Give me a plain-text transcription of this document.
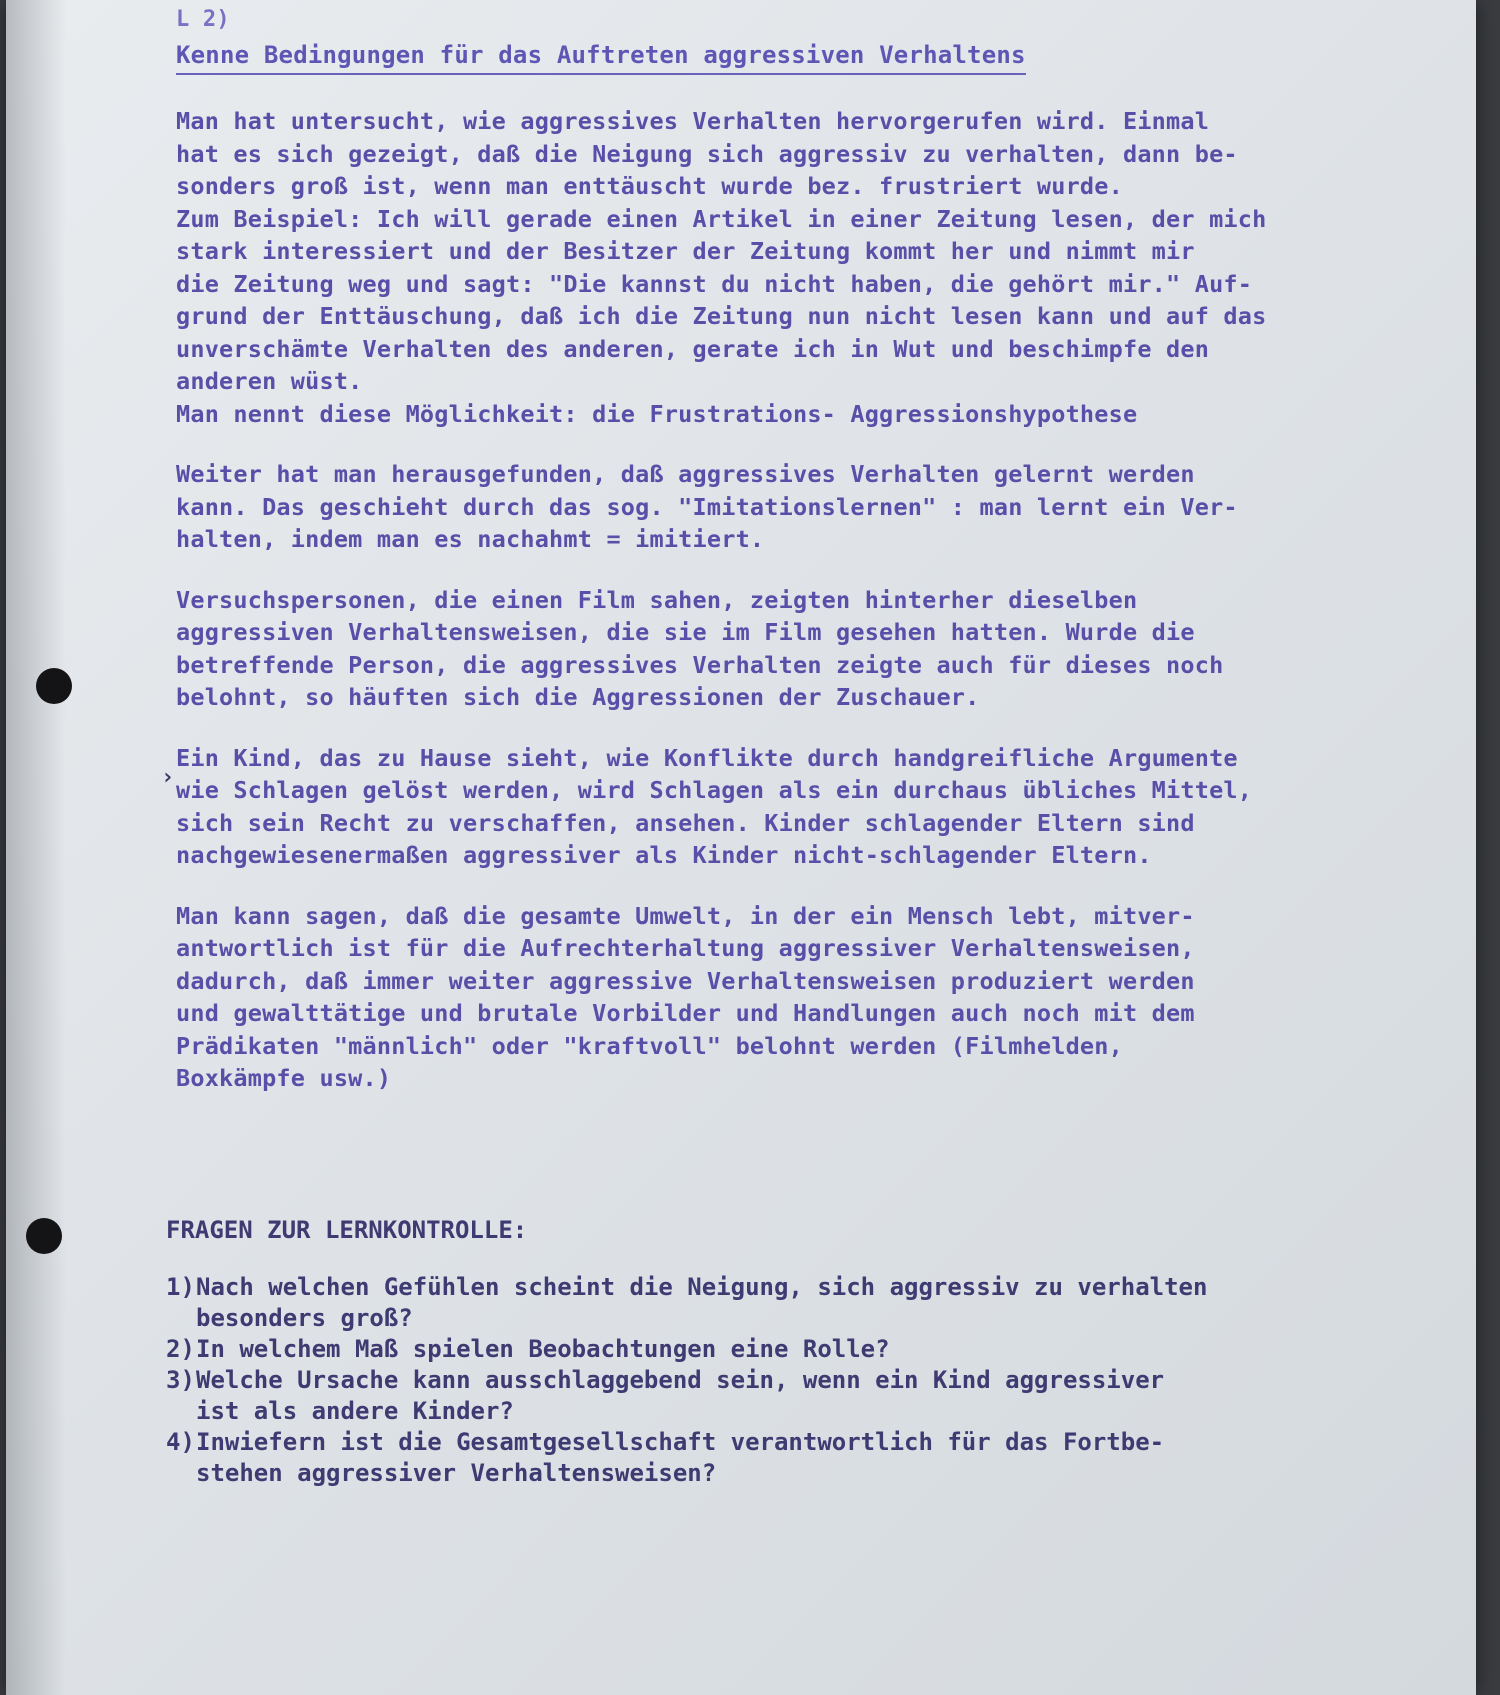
L 2)
Kenne Bedingungen für das Auftreten aggressiven Verhaltens
Man hat untersucht, wie aggressives Verhalten hervorgerufen wird. Einmal
hat es sich gezeigt, daß die Neigung sich aggressiv zu verhalten, dann be-
sonders groß ist, wenn man enttäuscht wurde bez. frustriert wurde.
Zum Beispiel: Ich will gerade einen Artikel in einer Zeitung lesen, der mich
stark interessiert und der Besitzer der Zeitung kommt her und nimmt mir
die Zeitung weg und sagt: "Die kannst du nicht haben, die gehört mir." Auf-
grund der Enttäuschung, daß ich die Zeitung nun nicht lesen kann und auf das
unverschämte Verhalten des anderen, gerate ich in Wut und beschimpfe den
anderen wüst.
Man nennt diese Möglichkeit: die Frustrations- Aggressionshypothese
Weiter hat man herausgefunden, daß aggressives Verhalten gelernt werden
kann. Das geschieht durch das sog. "Imitationslernen" : man lernt ein Ver-
halten, indem man es nachahmt = imitiert.
Versuchspersonen, die einen Film sahen, zeigten hinterher dieselben
aggressiven Verhaltensweisen, die sie im Film gesehen hatten. Wurde die
betreffende Person, die aggressives Verhalten zeigte auch für dieses noch
belohnt, so häuften sich die Aggressionen der Zuschauer.
Ein Kind, das zu Hause sieht, wie Konflikte durch handgreifliche Argumente
wie Schlagen gelöst werden, wird Schlagen als ein durchaus übliches Mittel,
sich sein Recht zu verschaffen, ansehen. Kinder schlagender Eltern sind
nachgewiesenermaßen aggressiver als Kinder nicht-schlagender Eltern.
Man kann sagen, daß die gesamte Umwelt, in der ein Mensch lebt, mitver-
antwortlich ist für die Aufrechterhaltung aggressiver Verhaltensweisen,
dadurch, daß immer weiter aggressive Verhaltensweisen produziert werden
und gewalttätige und brutale Vorbilder und Handlungen auch noch mit dem
Prädikaten "männlich" oder "kraftvoll" belohnt werden (Filmhelden,
Boxkämpfe usw.)
›
FRAGEN ZUR LERNKONTROLLE:
1) Nach welchen Gefühlen scheint die Neigung, sich aggressiv zu verhalten
besonders groß?
2) In welchem Maß spielen Beobachtungen eine Rolle?
3) Welche Ursache kann ausschlaggebend sein, wenn ein Kind aggressiver
ist als andere Kinder?
4) Inwiefern ist die Gesamtgesellschaft verantwortlich für das Fortbe-
stehen aggressiver Verhaltensweisen?
